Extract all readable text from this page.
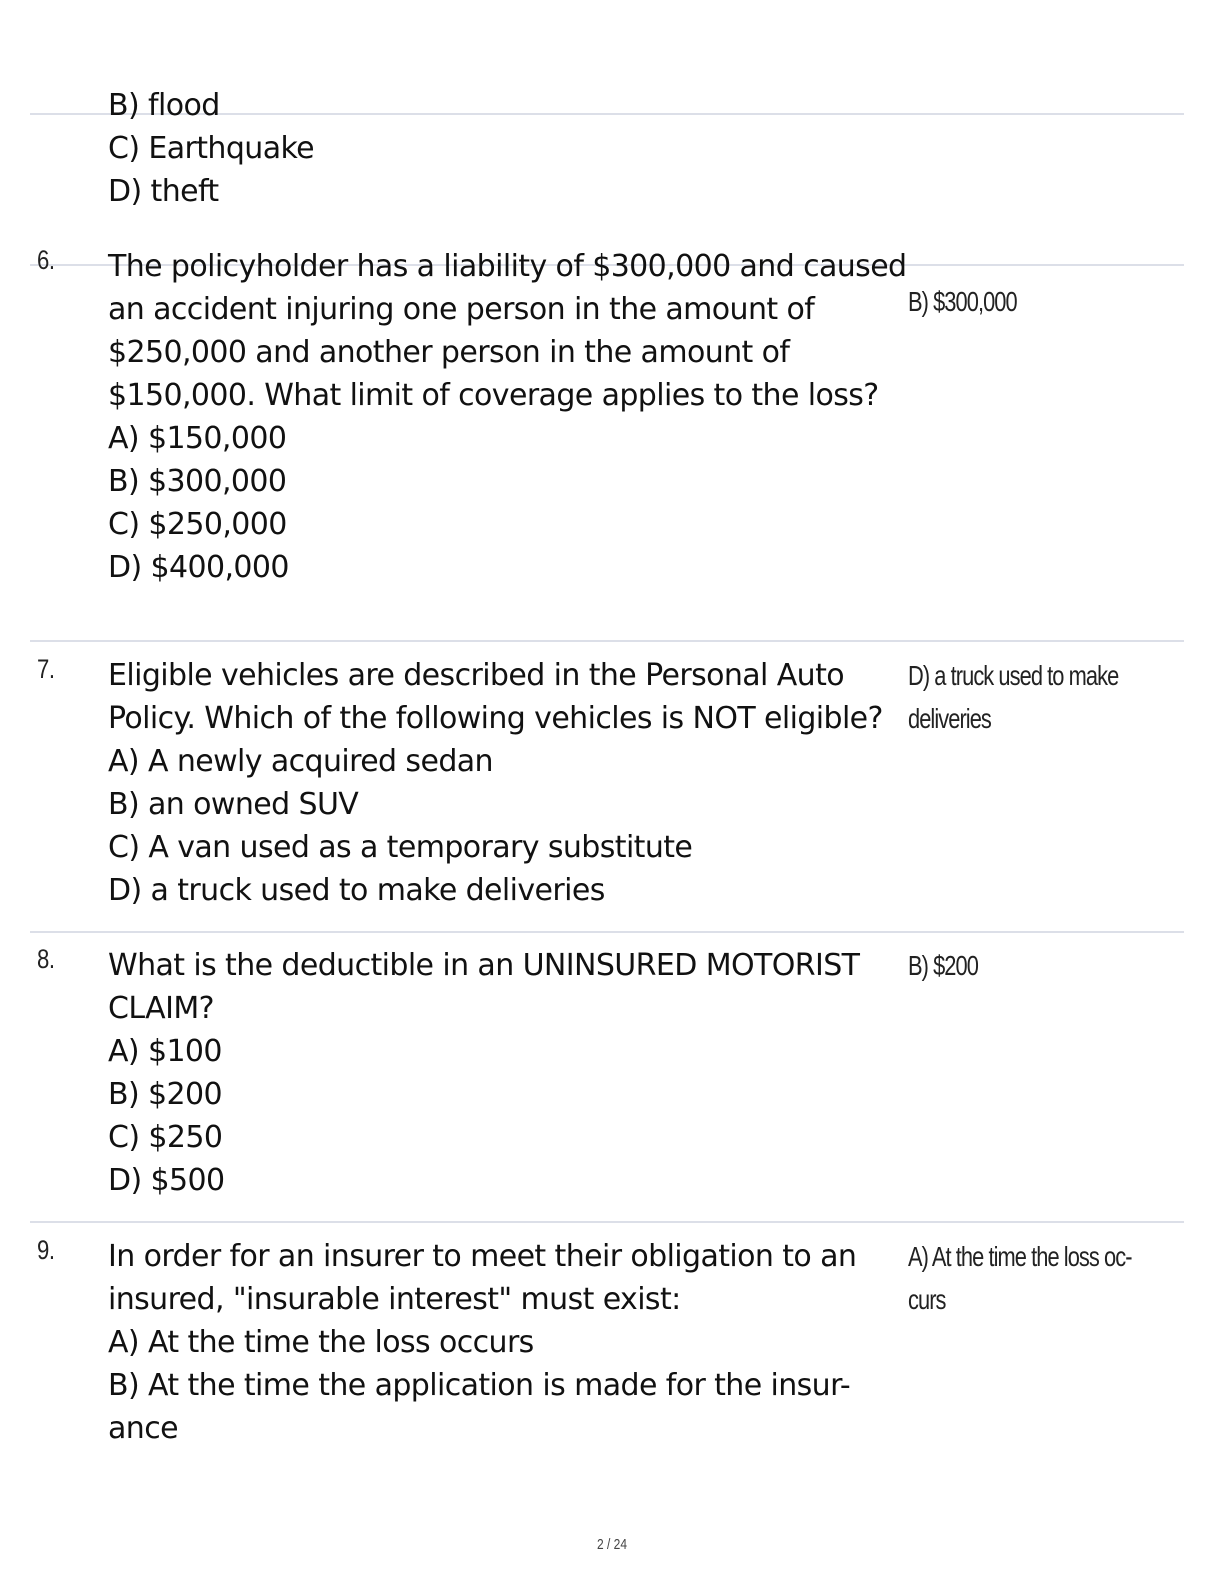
B) flood
C) Earthquake
D) theft
6. The policyholder has a liability of $300,000 and caused
an accident injuring one person in the amount of
$250,000 and another person in the amount of
$150,000. What limit of coverage applies to the loss?
A) $150,000
B) $300,000
C) $250,000
D) $400,000
B) $300,000
7. Eligible vehicles are described in the Personal Auto
Policy. Which of the following vehicles is NOT eligible?
A) A newly acquired sedan
B) an owned SUV
C) A van used as a temporary substitute
D) a truck used to make deliveries
D) a truck used to make
deliveries
8. What is the deductible in an UNINSURED MOTORIST
CLAIM?
A) $100
B) $200
C) $250
D) $500
B) $200
9. In order for an insurer to meet their obligation to an
insured, "insurable interest" must exist:
A) At the time the loss occurs
B) At the time the application is made for the insur-
ance
A) At the time the loss oc-
curs
2 / 24
